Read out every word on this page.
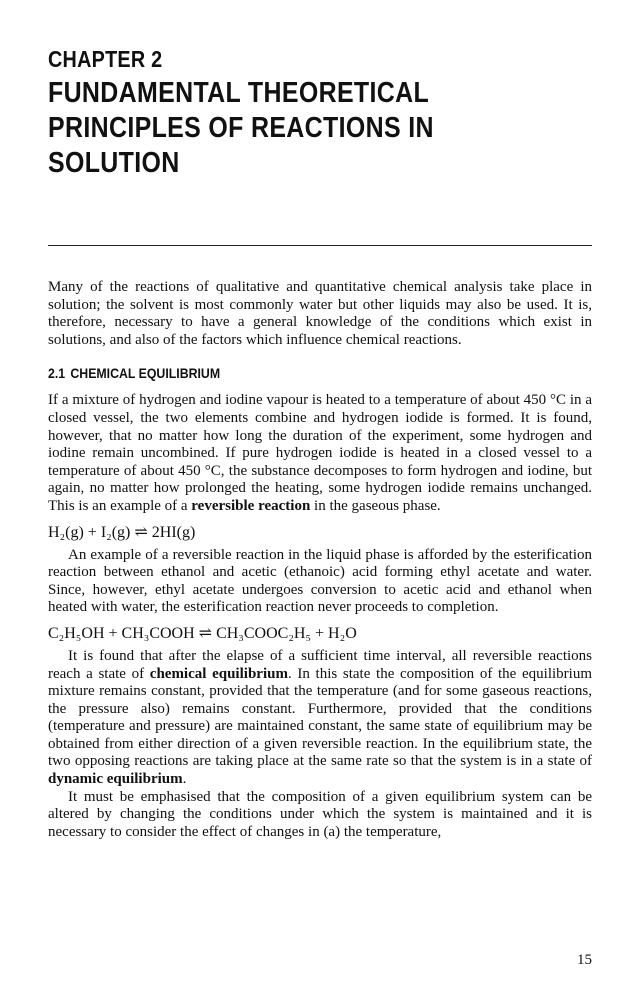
CHAPTER 2
FUNDAMENTAL THEORETICAL
PRINCIPLES OF REACTIONS IN
SOLUTION

Many of the reactions of qualitative and quantitative chemical analysis take place in solution; the solvent is most commonly water but other liquids may also be used. It is, therefore, necessary to have a general knowledge of the conditions which exist in solutions, and also of the factors which influence chemical reactions.

2.1 CHEMICAL EQUILIBRIUM

If a mixture of hydrogen and iodine vapour is heated to a temperature of about 450 °C in a closed vessel, the two elements combine and hydrogen iodide is formed. It is found, however, that no matter how long the duration of the experiment, some hydrogen and iodine remain uncombined. If pure hydrogen iodide is heated in a closed vessel to a temperature of about 450 °C, the substance decomposes to form hydrogen and iodine, but again, no matter how prolonged the heating, some hydrogen iodide remains unchanged. This is an example of a reversible reaction in the gaseous phase.

H₂(g) + I₂(g) ⇌ 2HI(g)

An example of a reversible reaction in the liquid phase is afforded by the esterification reaction between ethanol and acetic (ethanoic) acid forming ethyl acetate and water. Since, however, ethyl acetate undergoes conversion to acetic acid and ethanol when heated with water, the esterification reaction never proceeds to completion.

C₂H₅OH + CH₃COOH ⇌ CH₃COOC₂H₅ + H₂O

It is found that after the elapse of a sufficient time interval, all reversible reactions reach a state of chemical equilibrium. In this state the composition of the equilibrium mixture remains constant, provided that the temperature (and for some gaseous reactions, the pressure also) remains constant. Furthermore, provided that the conditions (temperature and pressure) are maintained constant, the same state of equilibrium may be obtained from either direction of a given reversible reaction. In the equilibrium state, the two opposing reactions are taking place at the same rate so that the system is in a state of dynamic equilibrium.

It must be emphasised that the composition of a given equilibrium system can be altered by changing the conditions under which the system is maintained and it is necessary to consider the effect of changes in (a) the temperature,

15
